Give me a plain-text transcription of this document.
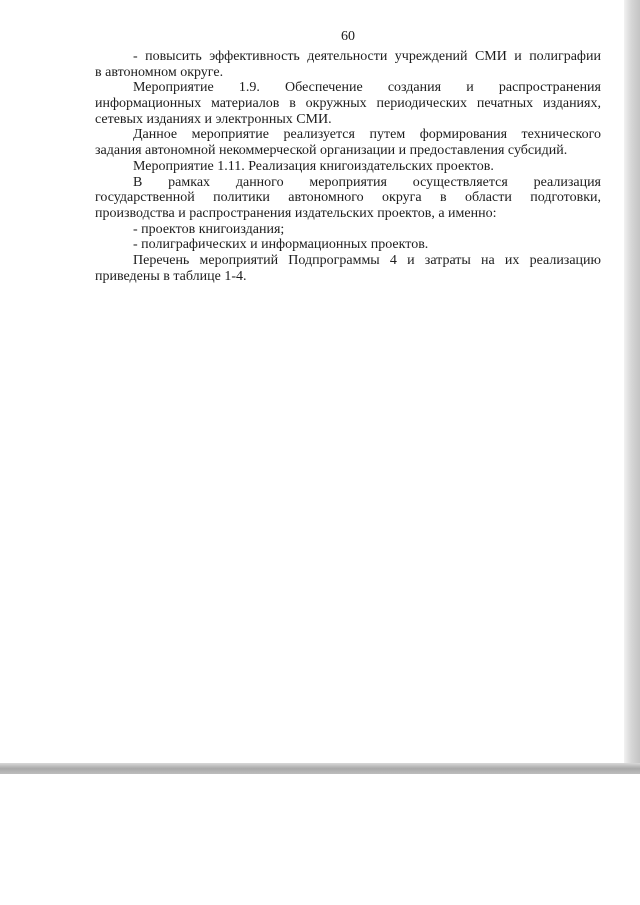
60
- повысить эффективность деятельности учреждений СМИ и полиграфии
в автономном округе.
Мероприятие 1.9. Обеспечение создания и распространения
информационных материалов в окружных периодических печатных изданиях,
сетевых изданиях и электронных СМИ.
Данное мероприятие реализуется путем формирования технического
задания автономной некоммерческой организации и предоставления субсидий.
Мероприятие 1.11. Реализация книгоиздательских проектов.
В рамках данного мероприятия осуществляется реализация
государственной политики автономного округа в области подготовки,
производства и распространения издательских проектов, а именно:
- проектов книгоиздания;
- полиграфических и информационных проектов.
Перечень мероприятий Подпрограммы 4 и затраты на их реализацию
приведены в таблице 1-4.
